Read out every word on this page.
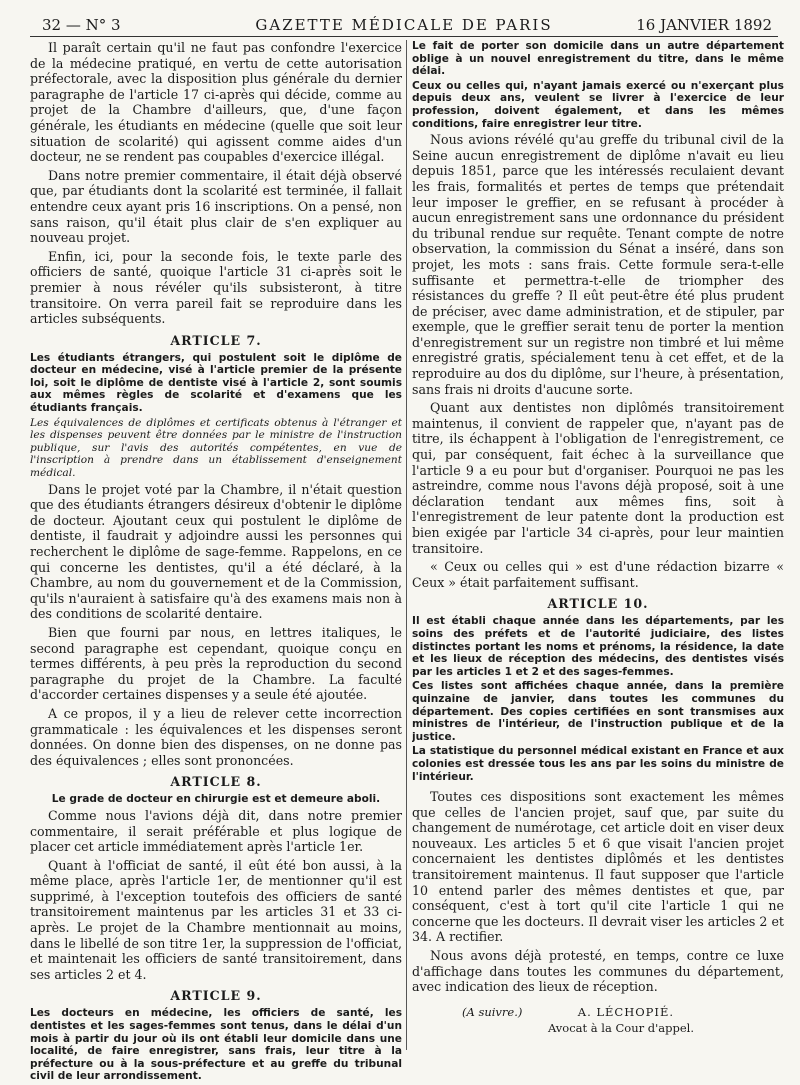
32 — N° 3	GAZETTE MÉDICALE DE PARIS	16 JANVIER 1892

Il paraît certain qu'il ne faut pas confondre l'exercice de la médecine pratiqué, en vertu de cette autorisation préfectorale, avec la disposition plus générale du dernier paragraphe de l'article 17 ci-après qui décide, comme au projet de la Chambre d'ailleurs, que, d'une façon générale, les étudiants en médecine (quelle que soit leur situation de scolarité) qui agissent comme aides d'un docteur, ne se rendent pas coupables d'exercice illégal.

Dans notre premier commentaire, il était déjà observé que, par étudiants dont la scolarité est terminée, il fallait entendre ceux ayant pris 16 inscriptions. On a pensé, non sans raison, qu'il était plus clair de s'en expliquer au nouveau projet.

Enfin, ici, pour la seconde fois, le texte parle des officiers de santé, quoique l'article 31 ci-après soit le premier à nous révéler qu'ils subsisteront, à titre transitoire. On verra pareil fait se reproduire dans les articles subséquents.

ARTICLE 7.

Les étudiants étrangers, qui postulent soit le diplôme de docteur en médecine, visé à l'article premier de la présente loi, soit le diplôme de dentiste visé à l'article 2, sont soumis aux mêmes règles de scolarité et d'examens que les étudiants français.

Les équivalences de diplômes et certificats obtenus à l'étranger et les dispenses peuvent être données par le ministre de l'instruction publique, sur l'avis des autorités compétentes, en vue de l'inscription à prendre dans un établissement d'enseignement médical.

Dans le projet voté par la Chambre, il n'était question que des étudiants étrangers désireux d'obtenir le diplôme de docteur. Ajoutant ceux qui postulent le diplôme de dentiste, il faudrait y adjoindre aussi les personnes qui recherchent le diplôme de sage-femme. Rappelons, en ce qui concerne les dentistes, qu'il a été déclaré, à la Chambre, au nom du gouvernement et de la Commission, qu'ils n'auraient à satisfaire qu'à des examens mais non à des conditions de scolarité dentaire.

Bien que fourni par nous, en lettres italiques, le second paragraphe est cependant, quoique conçu en termes différents, à peu près la reproduction du second paragraphe du projet de la Chambre. La faculté d'accorder certaines dispenses y a seule été ajoutée.

A ce propos, il y a lieu de relever cette incorrection grammaticale : les équivalences et les dispenses seront données. On donne bien des dispenses, on ne donne pas des équivalences ; elles sont prononcées.

ARTICLE 8.

Le grade de docteur en chirurgie est et demeure aboli.

Comme nous l'avions déjà dit, dans notre premier commentaire, il serait préférable et plus logique de placer cet article immédiatement après l'article 1er.

Quant à l'officiat de santé, il eût été bon aussi, à la même place, après l'article 1er, de mentionner qu'il est supprimé, à l'exception toutefois des officiers de santé transitoirement maintenus par les articles 31 et 33 ci-après. Le projet de la Chambre mentionnait au moins, dans le libellé de son titre 1er, la suppression de l'officiat, et maintenait les officiers de santé transitoirement, dans ses articles 2 et 4.

ARTICLE 9.

Les docteurs en médecine, les officiers de santé, les dentistes et les sages-femmes sont tenus, dans le délai d'un mois à partir du jour où ils ont établi leur domicile dans une localité, de faire enregistrer, sans frais, leur titre à la préfecture ou à la sous-préfecture et au greffe du tribunal civil de leur arrondissement.

Le fait de porter son domicile dans un autre département oblige à un nouvel enregistrement du titre, dans le même délai.

Ceux ou celles qui, n'ayant jamais exercé ou n'exerçant plus depuis deux ans, veulent se livrer à l'exercice de leur profession, doivent également, et dans les mêmes conditions, faire enregistrer leur titre.

Nous avions révélé qu'au greffe du tribunal civil de la Seine aucun enregistrement de diplôme n'avait eu lieu depuis 1851, parce que les intéressés reculaient devant les frais, formalités et pertes de temps que prétendait leur imposer le greffier, en se refusant à procéder à aucun enregistrement sans une ordonnance du président du tribunal rendue sur requête. Tenant compte de notre observation, la commission du Sénat a inséré, dans son projet, les mots : sans frais. Cette formule sera-t-elle suffisante et permettra-t-elle de triompher des résistances du greffe ? Il eût peut-être été plus prudent de préciser, avec dame administration, et de stipuler, par exemple, que le greffier serait tenu de porter la mention d'enregistrement sur un registre non timbré et lui même enregistré gratis, spécialement tenu à cet effet, et de la reproduire au dos du diplôme, sur l'heure, à présentation, sans frais ni droits d'aucune sorte.

Quant aux dentistes non diplômés transitoirement maintenus, il convient de rappeler que, n'ayant pas de titre, ils échappent à l'obligation de l'enregistrement, ce qui, par conséquent, fait échec à la surveillance que l'article 9 a eu pour but d'organiser. Pourquoi ne pas les astreindre, comme nous l'avons déjà proposé, soit à une déclaration tendant aux mêmes fins, soit à l'enregistrement de leur patente dont la production est bien exigée par l'article 34 ci-après, pour leur maintien transitoire.

« Ceux ou celles qui » est d'une rédaction bizarre « Ceux » était parfaitement suffisant.

ARTICLE 10.

Il est établi chaque année dans les départements, par les soins des préfets et de l'autorité judiciaire, des listes distinctes portant les noms et prénoms, la résidence, la date et les lieux de réception des médecins, des dentistes visés par les articles 1 et 2 et des sages-femmes.

Ces listes sont affichées chaque année, dans la première quinzaine de janvier, dans toutes les communes du département. Des copies certifiées en sont transmises aux ministres de l'intérieur, de l'instruction publique et de la justice.

La statistique du personnel médical existant en France et aux colonies est dressée tous les ans par les soins du ministre de l'intérieur.

Toutes ces dispositions sont exactement les mêmes que celles de l'ancien projet, sauf que, par suite du changement de numérotage, cet article doit en viser deux nouveaux. Les articles 5 et 6 que visait l'ancien projet concernaient les dentistes diplômés et les dentistes transitoirement maintenus. Il faut supposer que l'article 10 entend parler des mêmes dentistes et que, par conséquent, c'est à tort qu'il cite l'article 1 qui ne concerne que les docteurs. Il devrait viser les articles 2 et 34. A rectifier.

Nous avons déjà protesté, en temps, contre ce luxe d'affichage dans toutes les communes du département, avec indication des lieux de réception.

(A suivre.)	A. LÉCHOPIÉ.
Avocat à la Cour d'appel.
